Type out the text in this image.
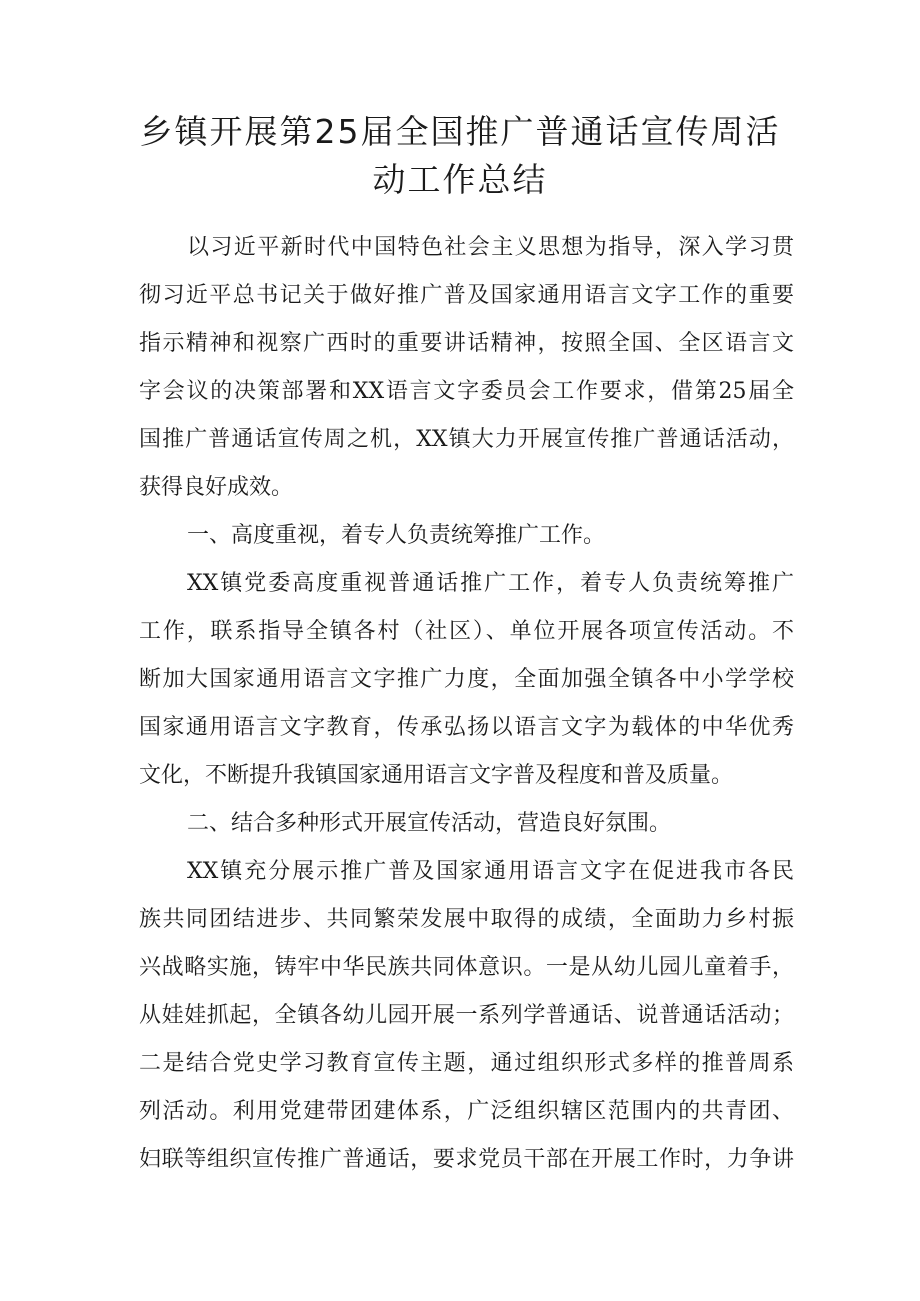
乡镇开展第25届全国推广普通话宣传周活
动工作总结
以习近平新时代中国特色社会主义思想为指导，深入学习贯
彻习近平总书记关于做好推广普及国家通用语言文字工作的重要
指示精神和视察广西时的重要讲话精神，按照全国、全区语言文
字会议的决策部署和XX语言文字委员会工作要求，借第25届全
国推广普通话宣传周之机，XX镇大力开展宣传推广普通话活动，
获得良好成效。
一、高度重视，着专人负责统筹推广工作。
XX镇党委高度重视普通话推广工作，着专人负责统筹推广
工作，联系指导全镇各村（社区）、单位开展各项宣传活动。不
断加大国家通用语言文字推广力度，全面加强全镇各中小学学校
国家通用语言文字教育，传承弘扬以语言文字为载体的中华优秀
文化，不断提升我镇国家通用语言文字普及程度和普及质量。
二、结合多种形式开展宣传活动，营造良好氛围。
XX镇充分展示推广普及国家通用语言文字在促进我市各民
族共同团结进步、共同繁荣发展中取得的成绩，全面助力乡村振
兴战略实施，铸牢中华民族共同体意识。一是从幼儿园儿童着手，
从娃娃抓起，全镇各幼儿园开展一系列学普通话、说普通话活动；
二是结合党史学习教育宣传主题，通过组织形式多样的推普周系
列活动。利用党建带团建体系，广泛组织辖区范围内的共青团、
妇联等组织宣传推广普通话，要求党员干部在开展工作时，力争讲
